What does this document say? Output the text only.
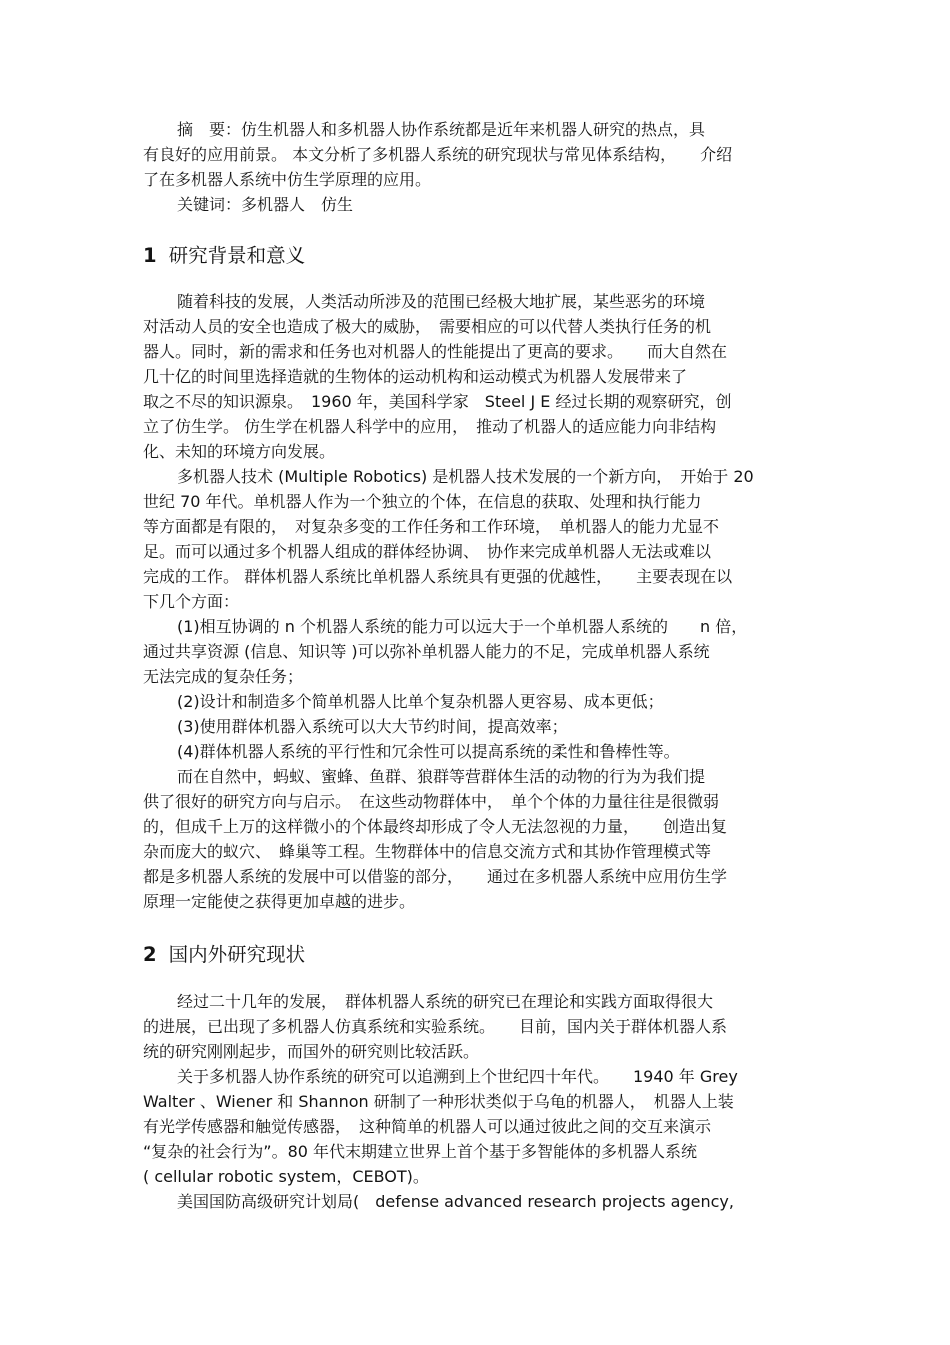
摘　要：仿生机器人和多机器人协作系统都是近年来机器人研究的热点，具
有良好的应用前景。 本文分析了多机器人系统的研究现状与常见体系结构，　　介绍
了在多机器人系统中仿生学原理的应用。
关键词：多机器人　仿生
1 研究背景和意义
随着科技的发展，人类活动所涉及的范围已经极大地扩展，某些恶劣的环境
对活动人员的安全也造成了极大的威胁，　需要相应的可以代替人类执行任务的机
器人。同时，新的需求和任务也对机器人的性能提出了更高的要求。　　而大自然在
几十亿的时间里选择造就的生物体的运动机构和运动模式为机器人发展带来了
取之不尽的知识源泉。　1960 年，美国科学家　Steel J E 经过长期的观察研究，创
立了仿生学。 仿生学在机器人科学中的应用，　推动了机器人的适应能力向非结构
化、未知的环境方向发展。
多机器人技术 (Multiple Robotics) 是机器人技术发展的一个新方向，　开始于 20
世纪 70 年代。单机器人作为一个独立的个体，在信息的获取、处理和执行能力
等方面都是有限的，　对复杂多变的工作任务和工作环境，　单机器人的能力尤显不
足。而可以通过多个机器人组成的群体经协调、　协作来完成单机器人无法或难以
完成的工作。 群体机器人系统比单机器人系统具有更强的优越性，　　主要表现在以
下几个方面：
(1)相互协调的 n 个机器人系统的能力可以远大于一个单机器人系统的　　n 倍，
通过共享资源 (信息、知识等 )可以弥补单机器人能力的不足，完成单机器人系统
无法完成的复杂任务；
(2)设计和制造多个简单机器人比单个复杂机器人更容易、成本更低；
(3)使用群体机器入系统可以大大节约时间，提高效率；
(4)群体机器人系统的平行性和冗余性可以提高系统的柔性和鲁棒性等。
而在自然中，蚂蚁、蜜蜂、鱼群、狼群等营群体生活的动物的行为为我们提
供了很好的研究方向与启示。　在这些动物群体中，　单个个体的力量往往是很微弱
的，但成千上万的这样微小的个体最终却形成了令人无法忽视的力量，　　创造出复
杂而庞大的蚁穴、　蜂巢等工程。生物群体中的信息交流方式和其协作管理模式等
都是多机器人系统的发展中可以借鉴的部分，　　通过在多机器人系统中应用仿生学
原理一定能使之获得更加卓越的进步。
2 国内外研究现状
经过二十几年的发展，　群体机器人系统的研究已在理论和实践方面取得很大
的进展，已出现了多机器人仿真系统和实验系统。　　目前，国内关于群体机器人系
统的研究刚刚起步，而国外的研究则比较活跃。
关于多机器人协作系统的研究可以追溯到上个世纪四十年代。　　1940 年 Grey
Walter 、Wiener 和 Shannon 研制了一种形状类似于乌龟的机器人，　机器人上装
有光学传感器和触觉传感器，　这种简单的机器人可以通过彼此之间的交互来演示
“复杂的社会行为”。80 年代末期建立世界上首个基于多智能体的多机器人系统
( cellular robotic system，CEBOT)。
美国国防高级研究计划局(　defense advanced research projects agency,
